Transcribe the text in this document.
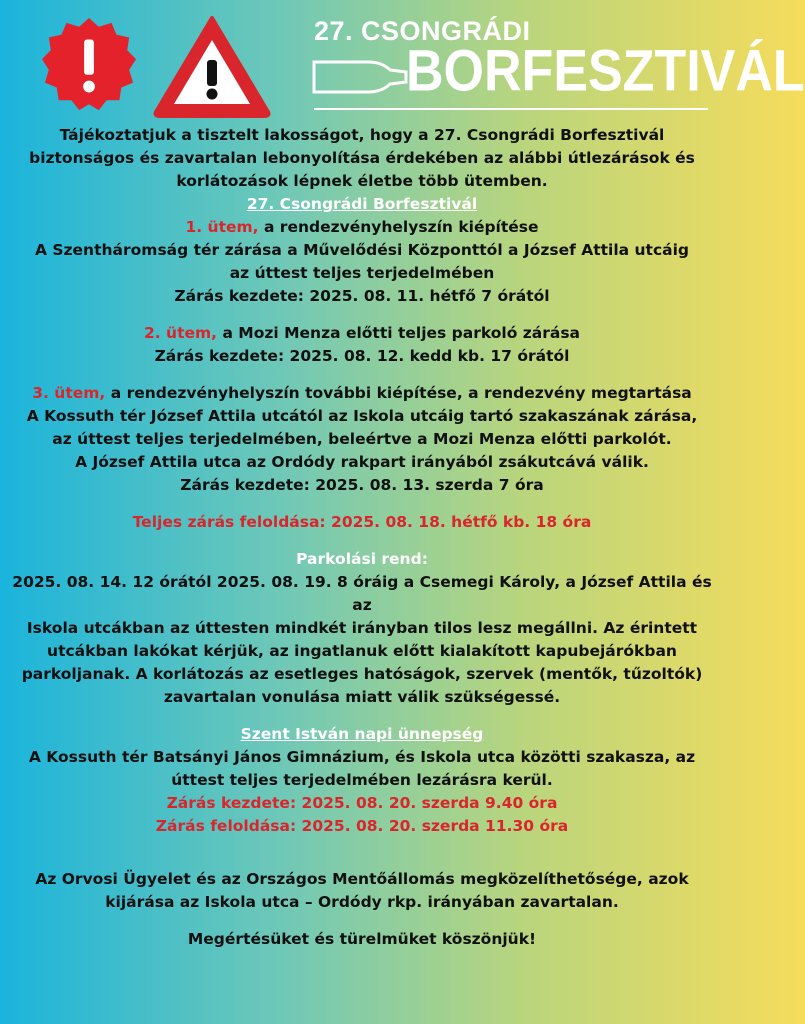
27. CSONGRÁDI
BORFESZTIVÁL

Tájékoztatjuk a tisztelt lakosságot, hogy a 27. Csongrádi Borfesztivál

biztonságos és zavartalan lebonyolítása érdekében az alábbi útlezárások és

korlátozások lépnek életbe több ütemben.

27. Csongrádi Borfesztivál

1. ütem, a rendezvényhelyszín kiépítése

A Szentháromság tér zárása a Művelődési Központtól a József Attila utcáig

az úttest teljes terjedelmében

Zárás kezdete: 2025. 08. 11. hétfő 7 órától

2. ütem, a Mozi Menza előtti teljes parkoló zárása

Zárás kezdete: 2025. 08. 12. kedd kb. 17 órától

3. ütem, a rendezvényhelyszín további kiépítése, a rendezvény megtartása

A Kossuth tér József Attila utcától az Iskola utcáig tartó szakaszának zárása,

az úttest teljes terjedelmében, beleértve a Mozi Menza előtti parkolót.

A József Attila utca az Ordódy rakpart irányából zsákutcává válik.

Zárás kezdete: 2025. 08. 13. szerda 7 óra

Teljes zárás feloldása: 2025. 08. 18. hétfő kb. 18 óra

Parkolási rend:

2025. 08. 14. 12 órától 2025. 08. 19. 8 óráig a Csemegi Károly, a József Attila és az

Iskola utcákban az úttesten mindkét irányban tilos lesz megállni. Az érintett

utcákban lakókat kérjük, az ingatlanuk előtt kialakított kapubejárókban

parkoljanak. A korlátozás az esetleges hatóságok, szervek (mentők, tűzoltók)

zavartalan vonulása miatt válik szükségessé.

Szent István napi ünnepség

A Kossuth tér Batsányi János Gimnázium, és Iskola utca közötti szakasza, az

úttest teljes terjedelmében lezárásra kerül.

Zárás kezdete: 2025. 08. 20. szerda 9.40 óra

Zárás feloldása: 2025. 08. 20. szerda 11.30 óra

Az Orvosi Ügyelet és az Országos Mentőállomás megközelíthetősége, azok

kijárása az Iskola utca – Ordódy rkp. irányában zavartalan.

Megértésüket és türelmüket köszönjük!
